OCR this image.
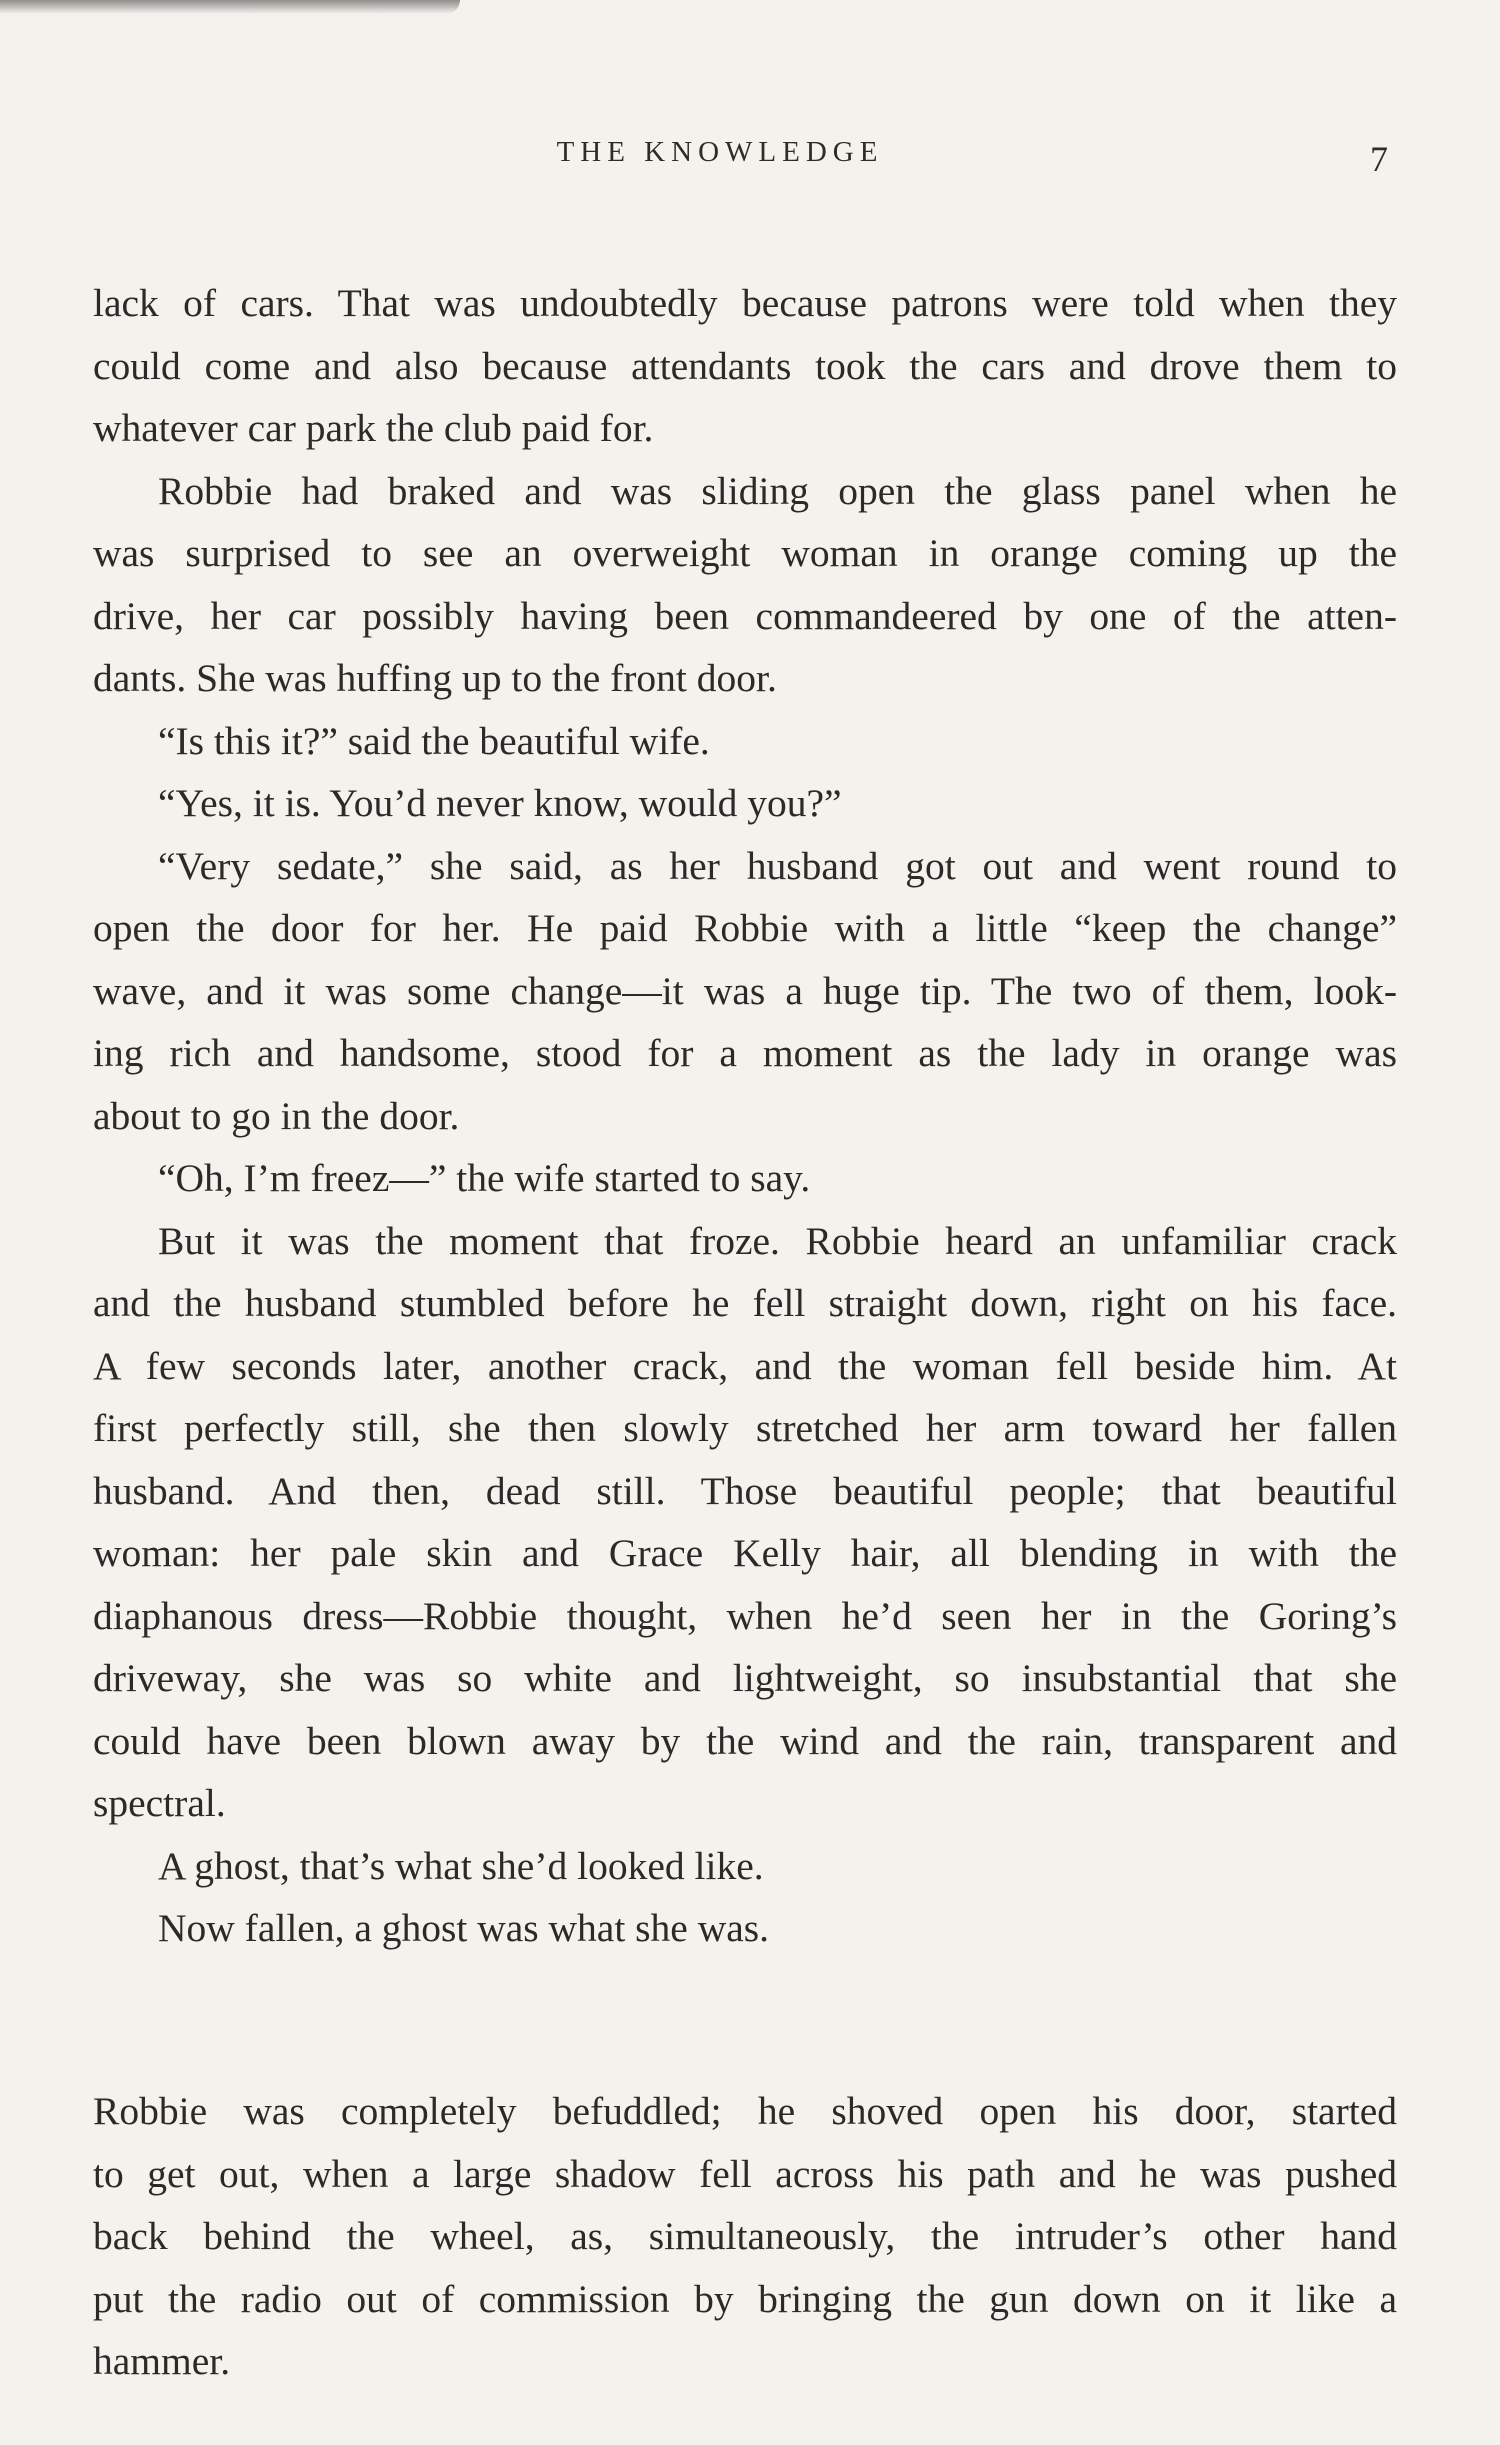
THE KNOWLEDGE	7

lack of cars. That was undoubtedly because patrons were told when they

could come and also because attendants took the cars and drove them to

whatever car park the club paid for.

Robbie had braked and was sliding open the glass panel when he

was surprised to see an overweight woman in orange coming up the

drive, her car possibly having been commandeered by one of the atten-

dants. She was huffing up to the front door.

“Is this it?” said the beautiful wife.

“Yes, it is. You’d never know, would you?”

“Very sedate,” she said, as her husband got out and went round to

open the door for her. He paid Robbie with a little “keep the change”

wave, and it was some change—it was a huge tip. The two of them, look-

ing rich and handsome, stood for a moment as the lady in orange was

about to go in the door.

“Oh, I’m freez—” the wife started to say.

But it was the moment that froze. Robbie heard an unfamiliar crack

and the husband stumbled before he fell straight down, right on his face.

A few seconds later, another crack, and the woman fell beside him. At

first perfectly still, she then slowly stretched her arm toward her fallen

husband. And then, dead still. Those beautiful people; that beautiful

woman: her pale skin and Grace Kelly hair, all blending in with the

diaphanous dress—Robbie thought, when he’d seen her in the Goring’s

driveway, she was so white and lightweight, so insubstantial that she

could have been blown away by the wind and the rain, transparent and

spectral.

A ghost, that’s what she’d looked like.

Now fallen, a ghost was what she was.

Robbie was completely befuddled; he shoved open his door, started

to get out, when a large shadow fell across his path and he was pushed

back behind the wheel, as, simultaneously, the intruder’s other hand

put the radio out of commission by bringing the gun down on it like a

hammer.
